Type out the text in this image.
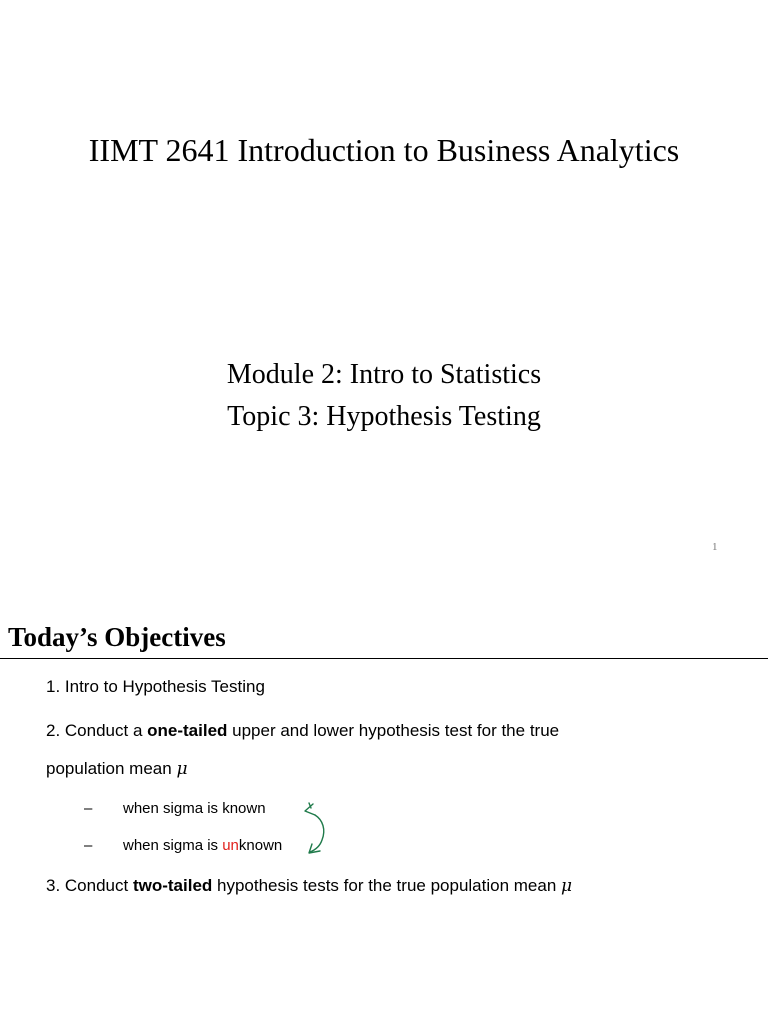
IIMT 2641 Introduction to Business Analytics
Module 2: Intro to Statistics
Topic 3: Hypothesis Testing
1
Today’s Objectives
1. Intro to Hypothesis Testing
2. Conduct a one-tailed upper and lower hypothesis test for the true
population mean μ
– when sigma is known
– when sigma is unknown
3. Conduct two-tailed hypothesis tests for the true population mean μ
